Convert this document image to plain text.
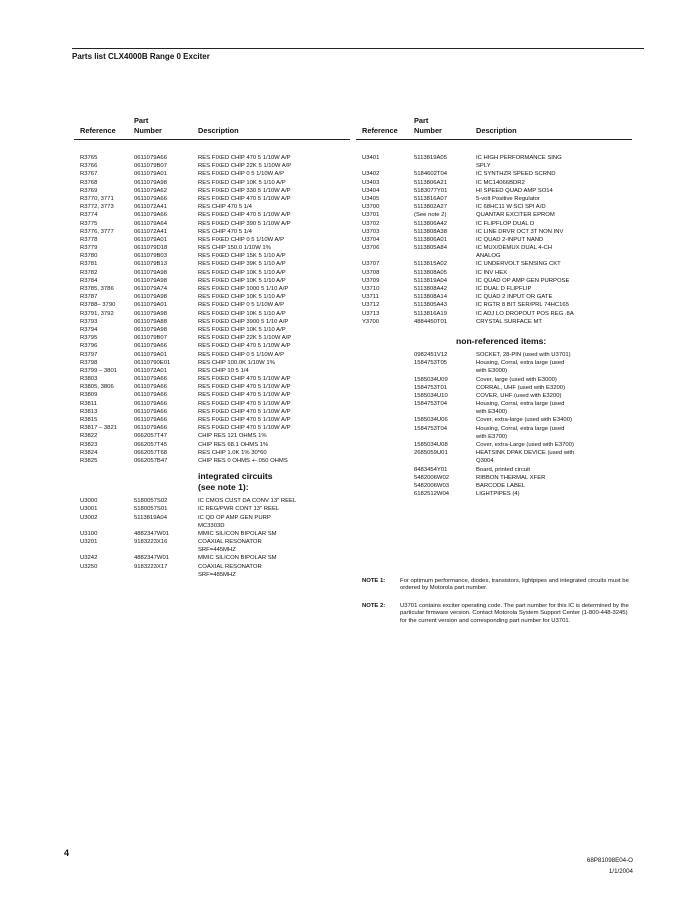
Parts list CLX4000B Range 0 Exciter
Reference
Part
Number	Description
R3765	0611079A66	RES FIXED CHIP 470 5 1/10W A/P
R3766	0611079B07	RES FIXED CHIP 22K 5 1/10W A/P
R3767	0611079A01	RES FIXED CHIP 0 5 1/10W A/P
R3768	0611079A98	RES FIXED CHIP 10K 5 1/10 A/P
R3769	0611079A62	RES FIXED CHIP 330 5 1/10W A/P
R3770, 3771	0611079A66	RES FIXED CHIP 470 5 1/10W A/P
R3772, 3773	0611072A41	RES CHIP 470 5 1/4
R3774	0611079A66	RES FIXED CHIP 470 5 1/10W A/P
R3775	0611079A64	RES FIXED CHIP 390 5 1/10W A/P
R3776, 3777	0611072A41	RES CHIP 470 5 1/4
R3778	0611079A01	RES FIXED CHIP 0 5 1/10W A/P
R3779	0611079D18	RES CHIP 150.0 1/10W 1%
R3780	0611079B03	RES FIXED CHIP 15K 5 1/10 A/P
R3781	0611079B13	RES FIXED CHIP 39K 5 1/10 A/P
R3782	0611079A98	RES FIXED CHIP 10K 5 1/10 A/P
R3784	0611079A98	RES FIXED CHIP 10K 5 1/10 A/P
R3785, 3786	0611079A74	RES FIXED CHIP 1000 5 1/10 A/P
R3787	0611079A98	RES FIXED CHIP 10K 5 1/10 A/P
R3788– 3790	0611079A01	RES FIXED CHIP 0 5 1/10W A/P
R3791, 3792	0611079A98	RES FIXED CHIP 10K 5 1/10 A/P
R3793	0611079A88	RES FIXED CHIP 3900 5 1/10 A/P
R3794	0611079A98	RES FIXED CHIP 10K 5 1/10 A/P
R3795	0611079B07	RES FIXED CHIP 22K 5 1/10W A/P
R3796	0611079A66	RES FIXED CHIP 470 5 1/10W A/P
R3797	0611079A01	RES FIXED CHIP 0 5 1/10W A/P
R3798	06110790E01	RES CHIP 100.0K 1/10W 1%
R3799 – 3801	0611072A01	RES CHIP 10 5 1/4
R3803	0611079A66	RES FIXED CHIP 470 5 1/10W A/P
R3805, 3806	0611079A66	RES FIXED CHIP 470 5 1/10W A/P
R3809	0611079A66	RES FIXED CHIP 470 5 1/10W A/P
R3811	0611079A66	RES FIXED CHIP 470 5 1/10W A/P
R3813	0611079A66	RES FIXED CHIP 470 5 1/10W A/P
R3815	0611079A66	RES FIXED CHIP 470 5 1/10W A/P
R3817 – 3821	0611079A66	RES FIXED CHIP 470 5 1/10W A/P
R3822	0662057T47	CHIP RES 121 OHMS 1%
R3823	0662057T45	CHIP RES 68.1 OHMS 1%
R3824	0662057T68	RES CHIP 1.0K 1% 30*60
R3825	0662057B47	CHIP RES 0 OHMS +-.050 OHMS
integrated circuits
(see note 1):
U3000	5180057S02	IC CMOS CUST DA CONV 13" REEL
U3001	5180057S01	IC REG/PWR CONT 13" REEL
U3002	5113819A04	IC QD OP AMP GEN PURP
MC3303D
U3100	4882347W01	MMIC SILICON BIPOLAR SM
U3201	9183223X16	COAXIAL RESONATOR
SRF=445MHZ
U3242	4882347W01	MMIC SILICON BIPOLAR SM
U3250	9183223X17	COAXIAL RESONATOR
SRF=485MHZ
Reference
Part
Number	Description
U3401	5113819A05	IC HIGH PERFORMANCE SING
SPLY
U3402	5184602T04	IC SYNTHZR SPEED SCRND
U3403	5113806A21	IC MC14066BDR2
U3404	5183077Y01	HI SPEED QUAD AMP SO14
U3405	5113816A07	5-volt Positive Regulator
U3700	5113802A27	IC 68HC11 W SCI SPI A/D
U3701	(See note 2)	QUANTAR EXCITER EPROM
U3702	5113806A42	IC FLIPFLOP DUAL D
U3703	5113808A38	IC LINE DRVR OCT 3T NON INV
U3704	5113806A01	IC QUAD 2-INPUT NAND
U3706	5113805A84	IC MUX/DEMUX DUAL 4-CH
ANALOG
U3707	5113815A02	IC UNDERVOLT SENSING CKT
U3708	5113808A05	IC INV HEX
U3709	5113819A04	IC QUAD OP AMP GEN PURPOSE
U3710	5113808A42	IC DUAL D FLIPFLIP
U3711	5113808A14	IC QUAD 2 INPUT OR GATE
U3712	5113805A43	IC RGTR 8 BIT SER/PRL 74HC165
U3713	5113816A19	IC ADJ LO DROPOUT POS REG .8A
Y3700	4884450T01	CRYSTAL SURFACE MT
non-referenced items:
0982451V12	SOCKET, 28-PIN (used with U3701)
1584753T05	Housing, Corral, extra large (used
with E3000)
1585034U09	Cover, large (used with E3000)
1584753T01	CORRAL, UHF (used with E3200)
1585034U10	COVER, UHF (used with E3200)
1584753T04	Housing, Corral, extra large (used
with E3400)
1585034U06	Cover, extra-large (used with E3400)
1584753T04	Housing, Corral, extra large (used
with E3700)
1585034U08	Cover, extra-Large (used with E3700)
2685059U01	HEATSINK DPAK DEVICE (used with
Q3004
8483454Y01	Board, printed circuit
5482006W02	RIBBON THERMAL XFER
5482006W03	BARCODE LABEL
6182512W04	LIGHTPIPES (4)
NOTE 1:	For optimum performance, diodes, transistors, lightpipes and integrated circuits must be ordered by Motorola part number.
NOTE 2:	U3701 contains exciter operating code. The part number for this IC is determined by the particular firmware version. Contact Motorola System Support Center (1-800-448-3245) for the current version and corresponding part number for U3701.
4
68P81098E04-O
1/1/2004
